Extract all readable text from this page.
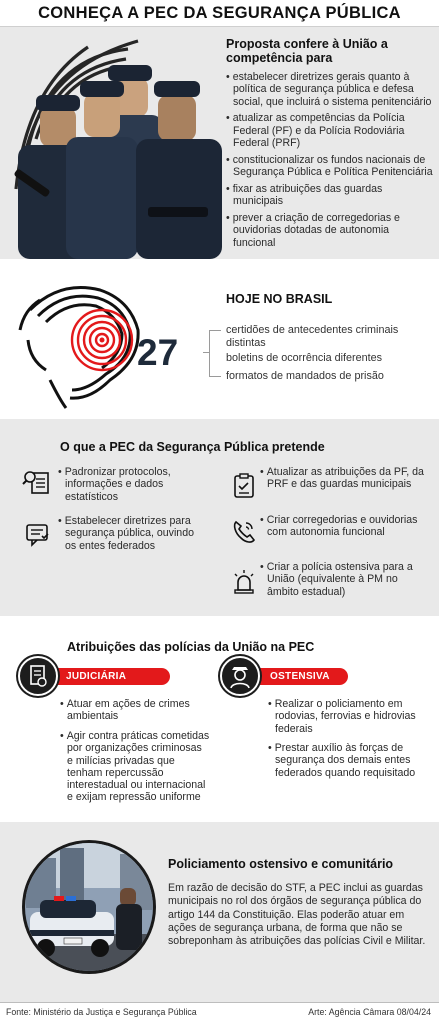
CONHEÇA A PEC DA SEGURANÇA PÚBLICA
Proposta confere à União a competência para
• estabelecer diretrizes gerais quanto à política de segurança pública e defesa social, que incluirá o sistema penitenciário
• atualizar as competências da Polícia Federal (PF) e da Polícia Rodoviária Federal (PRF)
• constitucionalizar os fundos nacionais de Segurança Pública e Política Penitenciária
• fixar as atribuições das guardas municipais
• prever a criação de corregedorias e ouvidorias dotadas de autonomia funcional
HOJE NO BRASIL
27
certidões de antecedentes criminais distintas
boletins de ocorrência diferentes
formatos de mandados de prisão
O que a PEC da Segurança Pública pretende
• Padronizar protocolos, informações e dados estatísticos
• Estabelecer diretrizes para segurança pública, ouvindo os entes federados
• Atualizar as atribuições da PF, da PRF e das guardas municipais
• Criar corregedorias e ouvidorias com autonomia funcional
• Criar a polícia ostensiva para a União (equivalente à PM no âmbito estadual)
Atribuições das polícias da União na PEC
JUDICIÁRIA
• Atuar em ações de crimes ambientais
• Agir contra práticas cometidas por organizações criminosas e milícias privadas que tenham repercussão interestadual ou internacional e exijam repressão uniforme
OSTENSIVA
• Realizar o policiamento em rodovias, ferrovias e hidrovias federais
• Prestar auxílio às forças de segurança dos demais entes federados quando requisitado
Policiamento ostensivo e comunitário
Em razão de decisão do STF, a PEC inclui as guardas municipais no rol dos órgãos de segurança pública do artigo 144 da Constituição. Elas poderão atuar em ações de segurança urbana, de forma que não se sobreponham às atribuições das polícias Civil e Militar.
Fonte: Ministério da Justiça e Segurança Pública	Arte: Agência Câmara 08/04/24
